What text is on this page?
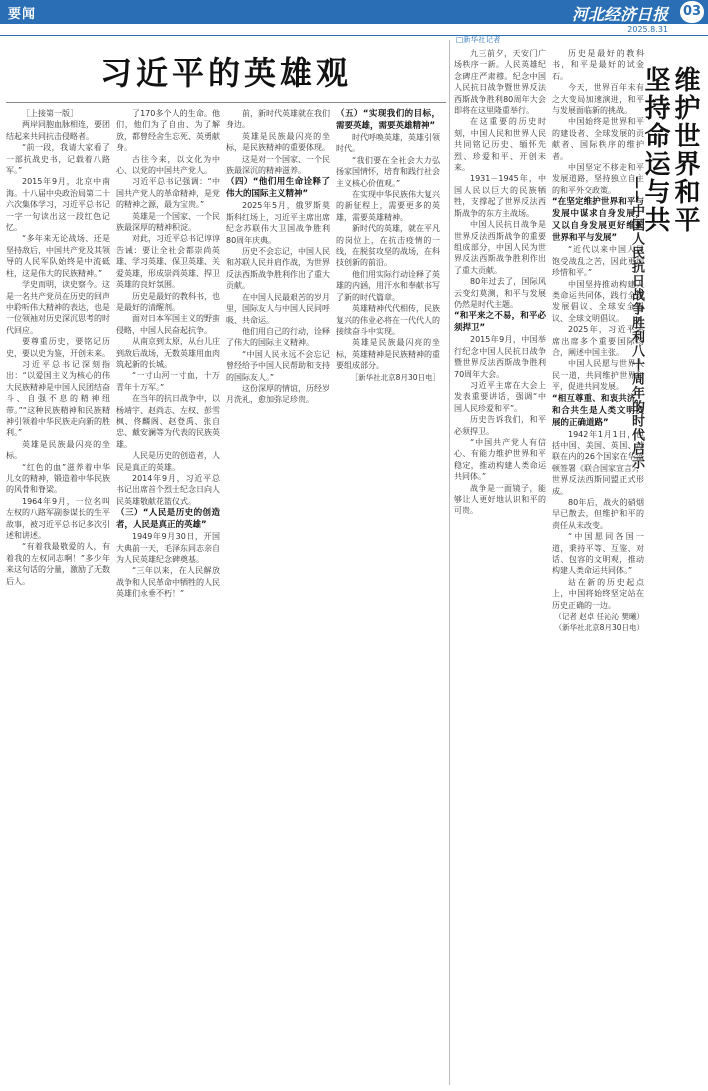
要闻	河北经济日报 03
2025.8.31
习近平的英雄观

［上接第一版］

两岸同胞血脉相连，要团结起来共同抗击侵略者。

“前一段，我请大家看了一部抗战史书，记载着八路军。”

2015年9月，北京中南海。十八届中央政治局第二十六次集体学习，习近平总书记一字一句读出这一段红色记忆。

“多年来无论战场、还是坚持敌后，中国共产党及其领导的人民军队始终是中流砥柱，这是伟大的民族精神。”

学史而明，读史察今。这是一名共产党员在历史的回声中聆听伟大精神的表达，也是一位领袖对历史深沉思考的时代回应。

要尊重历史，要铭记历史，要以史为鉴，开创未来。

习近平总书记深刻指出：“以爱国主义为核心的伟大民族精神是中国人民团结奋斗、自强不息的精神纽带。”“这种民族精神和民族精神引领着中华民族走向新的胜利。”

英雄是民族最闪亮的坐标。

“红色的血”滋养着中华儿女的精神，锻造着中华民族的风骨和脊梁。

1964年9月，一位名叫左权的八路军副参谋长的生平故事，被习近平总书记多次引述和讲述。

“有着我最敬爱的人，有着我的左权同志啊！”多少年来这句话的分量，激励了无数后人。

了170多个人的生命。他们，他们为了自由、为了解放，都曾经舍生忘死、英勇献身。

古往今来，以文化为中心、以党的中国共产党人。

习近平总书记强调：“中国共产党人的革命精神，是党的精神之源，最为宝贵。”

英雄是一个国家、一个民族最深厚的精神积淀。

对此，习近平总书记谆谆告诫：要让全社会都崇尚英雄、学习英雄、保卫英雄、关爱英雄，形成崇尚英雄、捍卫英雄的良好氛围。

历史是最好的教科书，也是最好的清醒剂。

面对日本军国主义的野蛮侵略，中国人民奋起抗争。

从南京到太原，从台儿庄到敌后战场，无数英雄用血肉筑起新的长城。

“一寸山河一寸血，十万青年十万军。”

在当年的抗日战争中，以杨靖宇、赵尚志、左权、彭雪枫、佟麟阁、赵登禹、张自忠、戴安澜等为代表的民族英雄。

人民是历史的创造者，人民是真正的英雄。

2014年9月，习近平总书记出席首个烈士纪念日向人民英雄敬献花篮仪式。

（三）“人民是历史的创造者，人民是真正的英雄”

1949年9月30日，开国大典前一天，毛泽东同志亲自为人民英雄纪念碑奠基。

“三年以来，在人民解放战争和人民革命中牺牲的人民英雄们永垂不朽！”

前，新时代英雄就在我们身边。

英雄是民族最闪亮的坐标，是民族精神的重要体现。

这是对一个国家、一个民族最深沉的精神滋养。

（四）“他们用生命诠释了伟大的国际主义精神”

2025年5月，俄罗斯莫斯科红场上，习近平主席出席纪念苏联伟大卫国战争胜利80周年庆典。

历史不会忘记，中国人民和苏联人民并肩作战，为世界反法西斯战争胜利作出了重大贡献。

在中国人民最艰苦的岁月里，国际友人与中国人民同呼吸、共命运。

他们用自己的行动，诠释了伟大的国际主义精神。

“中国人民永远不会忘记曾经给予中国人民帮助和支持的国际友人。”

这份深厚的情谊，历经岁月洗礼，愈加弥足珍贵。

（五）“实现我们的目标，需要英雄，需要英雄精神”

时代呼唤英雄，英雄引领时代。

“我们要在全社会大力弘扬家国情怀，培育和践行社会主义核心价值观。”

在实现中华民族伟大复兴的新征程上，需要更多的英雄，需要英雄精神。

新时代的英雄，就在平凡的岗位上，在抗击疫情的一线，在脱贫攻坚的战场，在科技创新的前沿。

他们用实际行动诠释了英雄的内涵，用汗水和奉献书写了新的时代篇章。

英雄精神代代相传，民族复兴的伟业必将在一代代人的接续奋斗中实现。

英雄是民族最闪亮的坐标，英雄精神是民族精神的重要组成部分。

［新华社北京8月30日电］

□新华社记者

九三前夕，天安门广场秩序一新。人民英雄纪念碑庄严肃穆。纪念中国人民抗日战争暨世界反法西斯战争胜利80周年大会即将在这里隆重举行。

在这重要的历史时刻，中国人民和世界人民共同铭记历史、缅怀先烈、珍爱和平、开创未来。

1931－1945年，中国人民以巨大的民族牺牲，支撑起了世界反法西斯战争的东方主战场。

中国人民抗日战争是世界反法西斯战争的重要组成部分，中国人民为世界反法西斯战争胜利作出了重大贡献。

80年过去了，国际风云变幻莫测，和平与发展仍然是时代主题。

“和平来之不易，和平必须捍卫”

2015年9月，中国举行纪念中国人民抗日战争暨世界反法西斯战争胜利70周年大会。

习近平主席在大会上发表重要讲话，强调“中国人民珍爱和平”。

历史告诉我们，和平必须捍卫。

“中国共产党人有信心、有能力维护世界和平稳定，推动构建人类命运共同体。”

战争是一面镜子，能够让人更好地认识和平的可贵。

历史是最好的教科书，和平是最好的试金石。

今天，世界百年未有之大变局加速演进，和平与发展面临新的挑战。

中国始终是世界和平的建设者、全球发展的贡献者、国际秩序的维护者。

中国坚定不移走和平发展道路，坚持独立自主的和平外交政策。

“在坚定维护世界和平与发展中谋求自身发展，又以自身发展更好维护世界和平与发展”

“近代以来中国人民饱受战乱之苦，因此更加珍惜和平。”

中国坚持推动构建人类命运共同体，践行全球发展倡议、全球安全倡议、全球文明倡议。

2025年，习近平主席出席多个重要国际场合，阐述中国主张。

中国人民愿与世界人民一道，共同维护世界和平，促进共同发展。

“相互尊重、和衷共济、和合共生是人类文明发展的正确道路”

1942年1月1日，包括中国、美国、英国、苏联在内的26个国家在华盛顿签署《联合国家宣言》，世界反法西斯同盟正式形成。

80年后，战火的硝烟早已散去，但维护和平的责任从未改变。

“中国愿同各国一道，秉持平等、互鉴、对话、包容的文明观，推动构建人类命运共同体。”

站在新的历史起点上，中国将始终坚定站在历史正确的一边。

（记者 赵卓 任沁沁 樊曦）

（新华社北京8月30日电）

坚持命运与共 维护世界和平
——中国人民抗日战争胜利八十周年的时代启示
